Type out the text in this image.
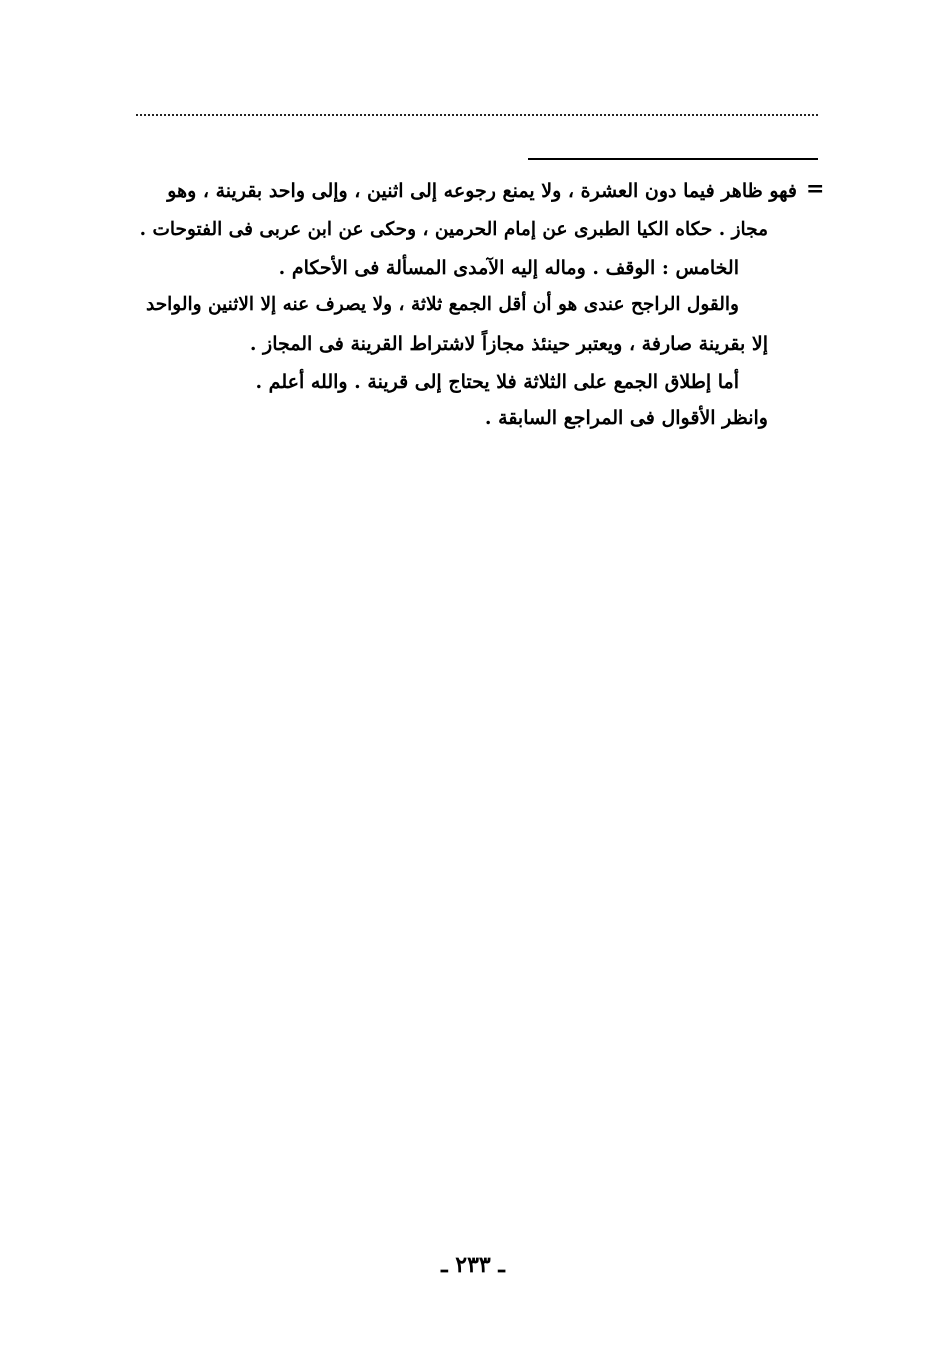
=
فهو ظاهر فيما دون العشرة ، ولا يمنع رجوعه إلى اثنين ، وإلى واحد بقرينة ، وهو
مجاز . حكاه الكيا الطبرى عن إمام الحرمين ، وحكى عن ابن عربى فى الفتوحات .
الخامس : الوقف . وماله إليه الآمدى المسألة فى الأحكام .
والقول الراجح عندى هو أن أقل الجمع ثلاثة ، ولا يصرف عنه إلا الاثنين والواحد
إلا بقرينة صارفة ، ويعتبر حينئذ مجازاً لاشتراط القرينة فى المجاز .
أما إطلاق الجمع على الثلاثة فلا يحتاج إلى قرينة . والله أعلم .
وانظر الأقوال فى المراجع السابقة .
ـ ٢٣٣ ـ
